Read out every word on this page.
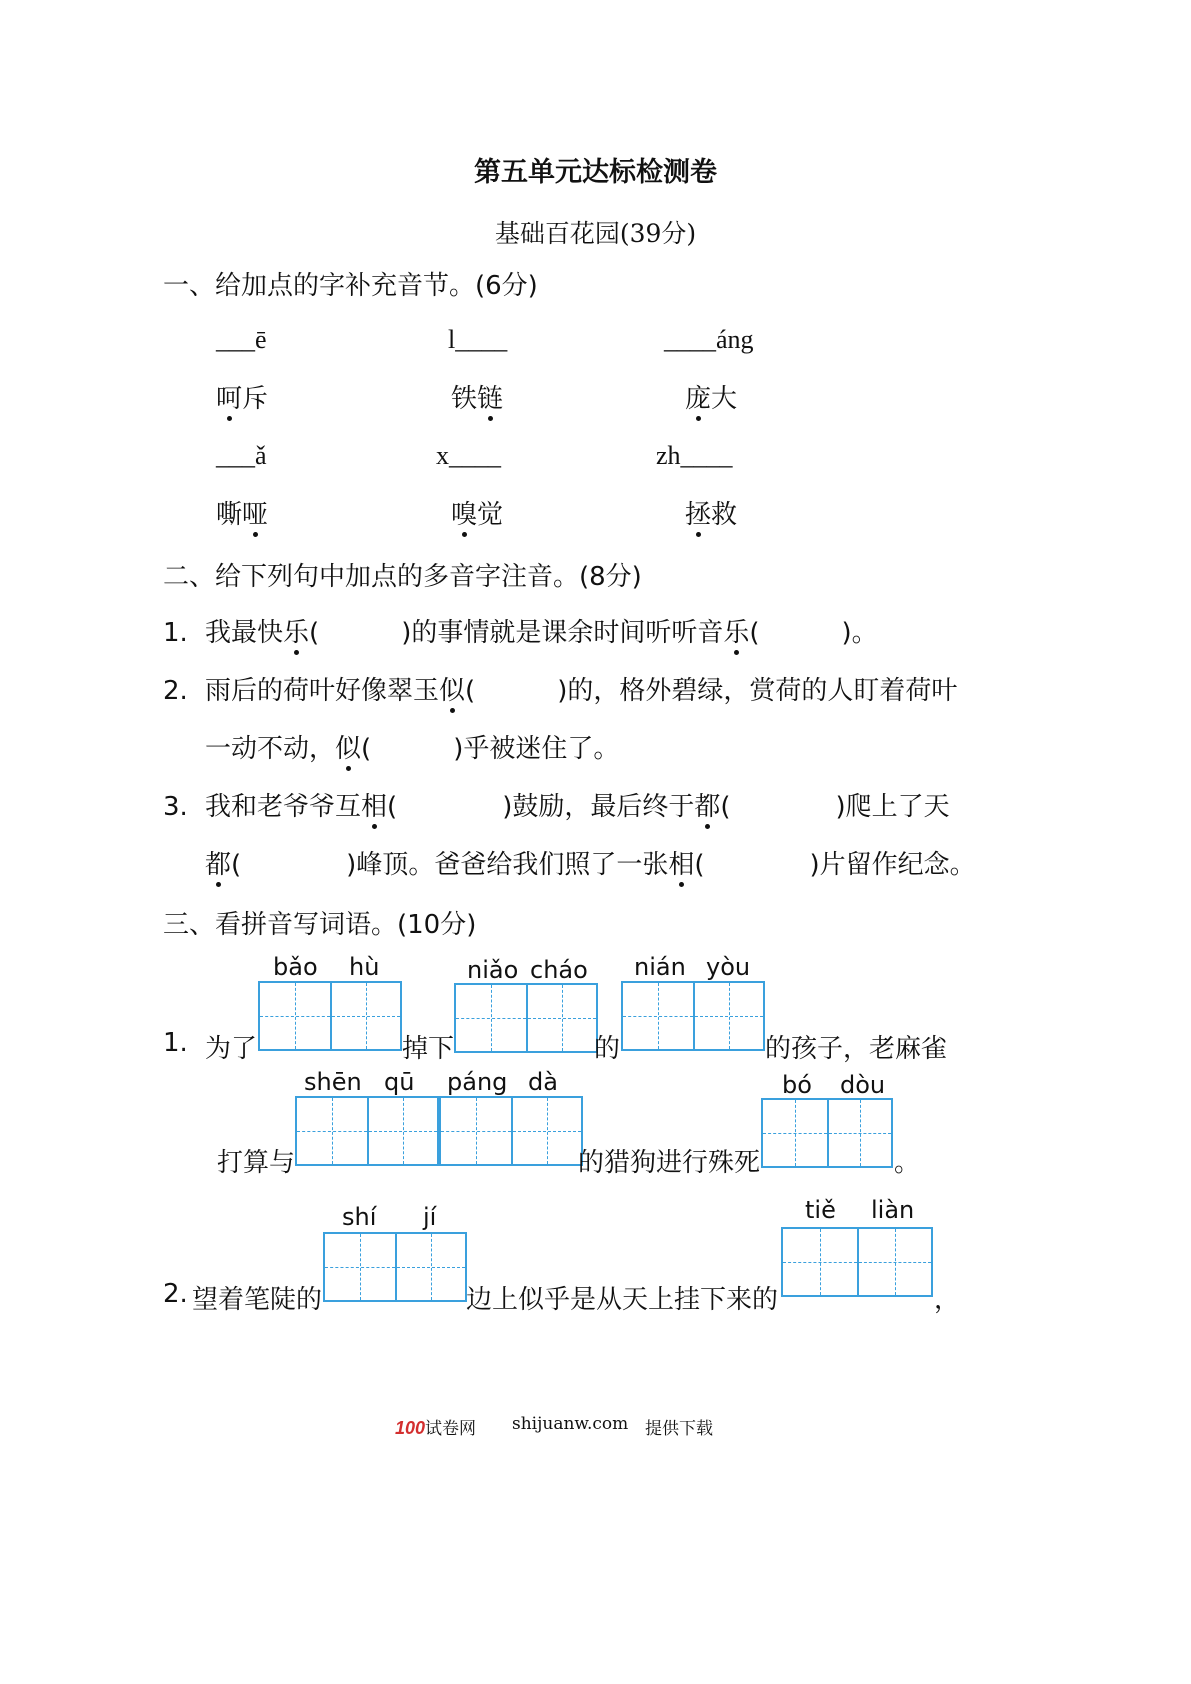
第五单元达标检测卷
基础百花园(39分)
一、给加点的字补充音节。(6分)
___ē	l____	____áng
呵斥	铁链	庞大
___ǎ	x____	zh____
嘶哑	嗅觉	拯救
二、给下列句中加点的多音字注音。(8分)
1. 我最快乐(	)的事情就是课余时间听听音乐(	)。
2. 雨后的荷叶好像翠玉似(	)的，格外碧绿，赏荷的人盯着荷叶
一动不动，似(	)乎被迷住了。
3. 我和老爷爷互相(	)鼓励，最后终于都(	)爬上了天
都(	)峰顶。爸爸给我们照了一张相(	)片留作纪念。
三、看拼音写词语。(10分)
bǎo hù	niǎo cháo nián yòu
1. 为了	掉下	的	的孩子，老麻雀
shēn qū páng dà	bó dòu
打算与	的猎狗进行殊死	。
shí jí	tiě liàn
2. 望着笔陡的	边上似乎是从天上挂下来的	，
100试卷网 shijuanw.com 提供下载
